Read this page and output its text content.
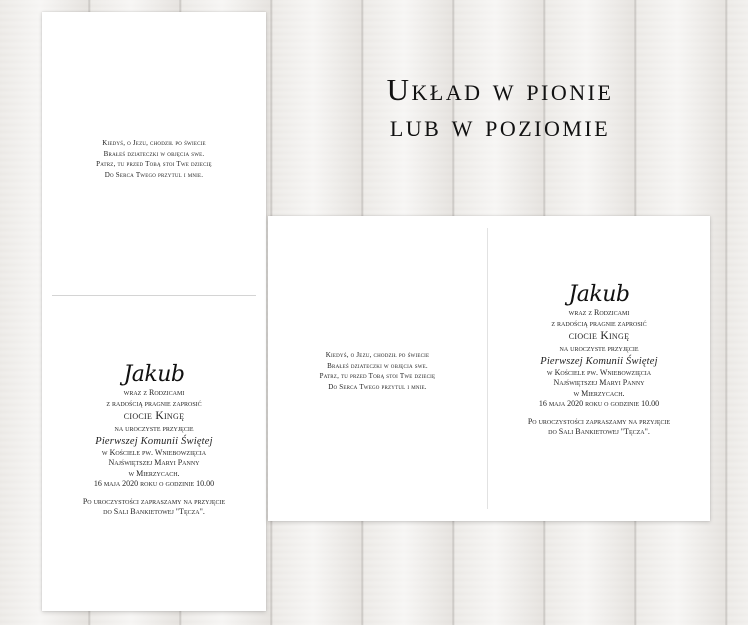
Kiedyś, o Jezu, chodził po świecie
Brałeś dziateczki w objęcia swe.
Patrz, tu przed Tobą stoi Twe dziecię
Do Serca Twego przytul i mnie.
Jakub
wraz z Rodzicami
z radością pragnie zaprosić
ciocie Kingę
na uroczyste przyjęcie
Pierwszej Komunii Świętej
w Kościele pw. Wniebowzięcia
Najświętszej Maryi Panny
w Mierzycach.
16 maja 2020 roku o godzinie 10.00
Po uroczystości zapraszamy na przyjęcie
do Sali Bankietowej "Tęcza".
Układ w pionie
lub w poziomie
Kiedyś, o Jezu, chodził po świecie
Brałeś dziateczki w objęcia swe.
Patrz, tu przed Tobą stoi Twe dziecię
Do Serca Twego przytul i mnie.
Jakub
wraz z Rodzicami
z radością pragnie zaprosić
ciocie Kingę
na uroczyste przyjęcie
Pierwszej Komunii Świętej
w Kościele pw. Wniebowzięcia
Najświętszej Maryi Panny
w Mierzycach.
16 maja 2020 roku o godzinie 10.00
Po uroczystości zapraszamy na przyjęcie
do Sali Bankietowej "Tęcza".
